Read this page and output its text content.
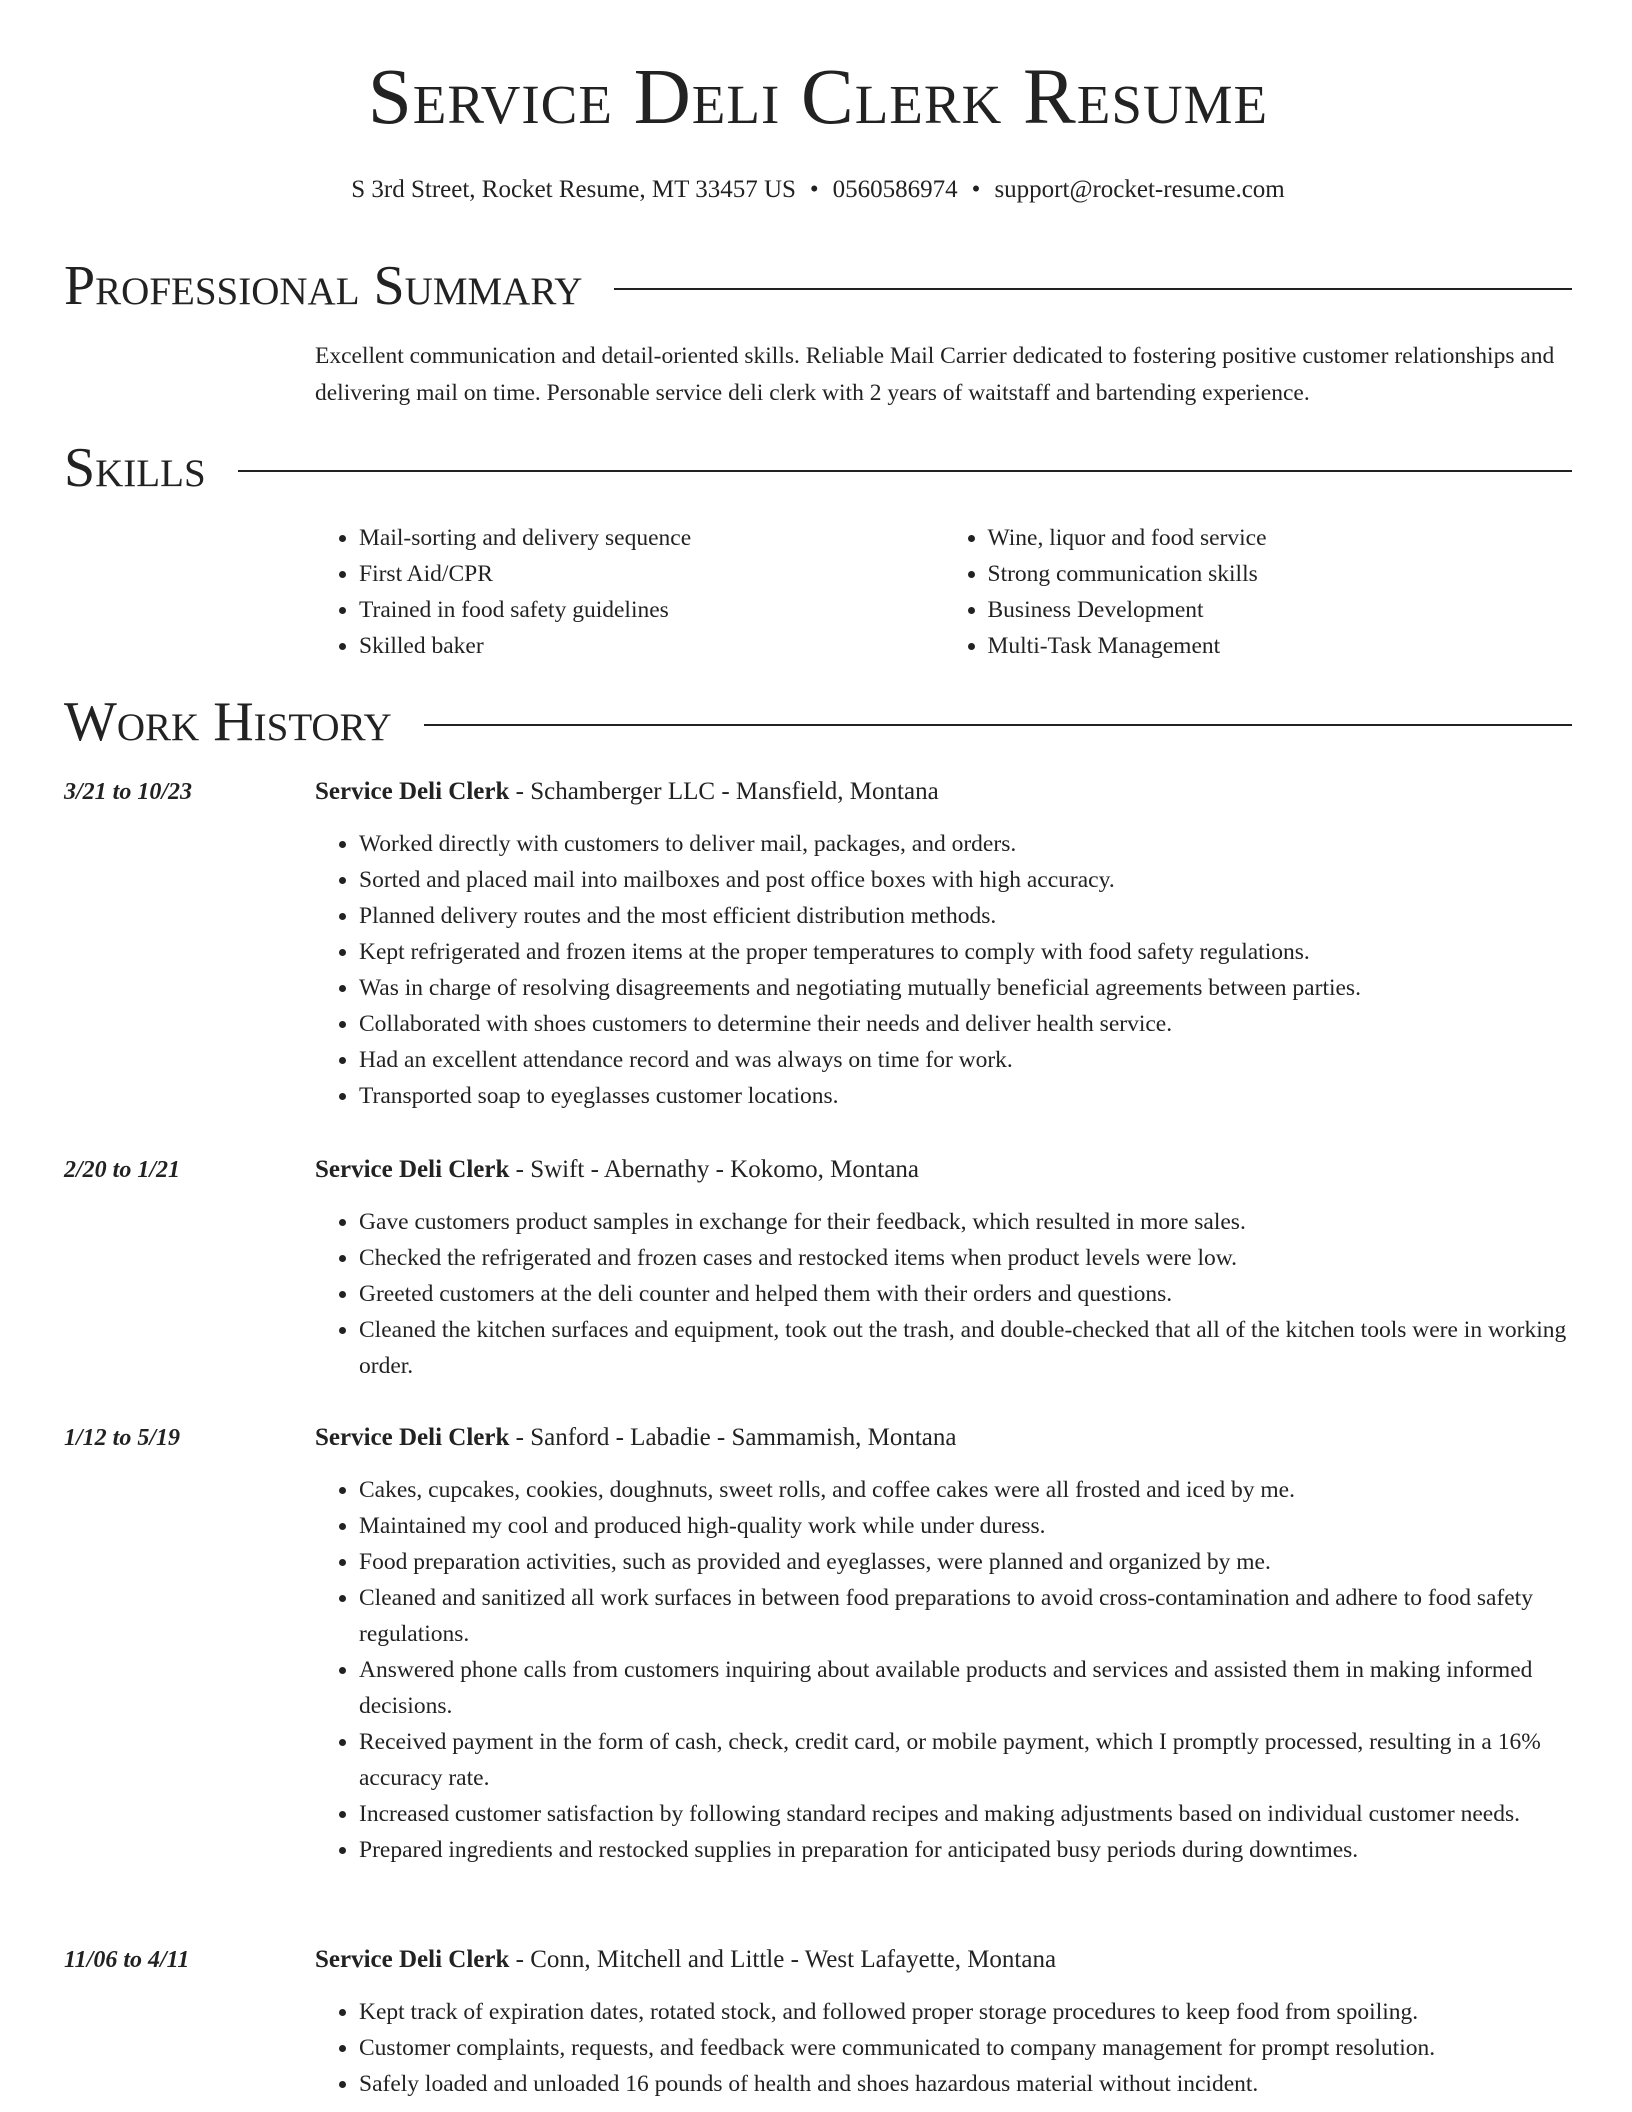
Service Deli Clerk Resume
S 3rd Street, Rocket Resume, MT 33457 US • 0560586974 • support@rocket-resume.com
Professional Summary
Excellent communication and detail-oriented skills. Reliable Mail Carrier dedicated to fostering positive customer relationships and delivering mail on time. Personable service deli clerk with 2 years of waitstaff and bartending experience.
Skills
• Mail-sorting and delivery sequence
• First Aid/CPR
• Trained in food safety guidelines
• Skilled baker
• Wine, liquor and food service
• Strong communication skills
• Business Development
• Multi-Task Management
Work History
3/21 to 10/23	Service Deli Clerk - Schamberger LLC - Mansfield, Montana
• Worked directly with customers to deliver mail, packages, and orders.
• Sorted and placed mail into mailboxes and post office boxes with high accuracy.
• Planned delivery routes and the most efficient distribution methods.
• Kept refrigerated and frozen items at the proper temperatures to comply with food safety regulations.
• Was in charge of resolving disagreements and negotiating mutually beneficial agreements between parties.
• Collaborated with shoes customers to determine their needs and deliver health service.
• Had an excellent attendance record and was always on time for work.
• Transported soap to eyeglasses customer locations.
2/20 to 1/21	Service Deli Clerk - Swift - Abernathy - Kokomo, Montana
• Gave customers product samples in exchange for their feedback, which resulted in more sales.
• Checked the refrigerated and frozen cases and restocked items when product levels were low.
• Greeted customers at the deli counter and helped them with their orders and questions.
• Cleaned the kitchen surfaces and equipment, took out the trash, and double-checked that all of the kitchen tools were in working order.
1/12 to 5/19	Service Deli Clerk - Sanford - Labadie - Sammamish, Montana
• Cakes, cupcakes, cookies, doughnuts, sweet rolls, and coffee cakes were all frosted and iced by me.
• Maintained my cool and produced high-quality work while under duress.
• Food preparation activities, such as provided and eyeglasses, were planned and organized by me.
• Cleaned and sanitized all work surfaces in between food preparations to avoid cross-contamination and adhere to food safety regulations.
• Answered phone calls from customers inquiring about available products and services and assisted them in making informed decisions.
• Received payment in the form of cash, check, credit card, or mobile payment, which I promptly processed, resulting in a 16% accuracy rate.
• Increased customer satisfaction by following standard recipes and making adjustments based on individual customer needs.
• Prepared ingredients and restocked supplies in preparation for anticipated busy periods during downtimes.
11/06 to 4/11	Service Deli Clerk - Conn, Mitchell and Little - West Lafayette, Montana
• Kept track of expiration dates, rotated stock, and followed proper storage procedures to keep food from spoiling.
• Customer complaints, requests, and feedback were communicated to company management for prompt resolution.
• Safely loaded and unloaded 16 pounds of health and shoes hazardous material without incident.
